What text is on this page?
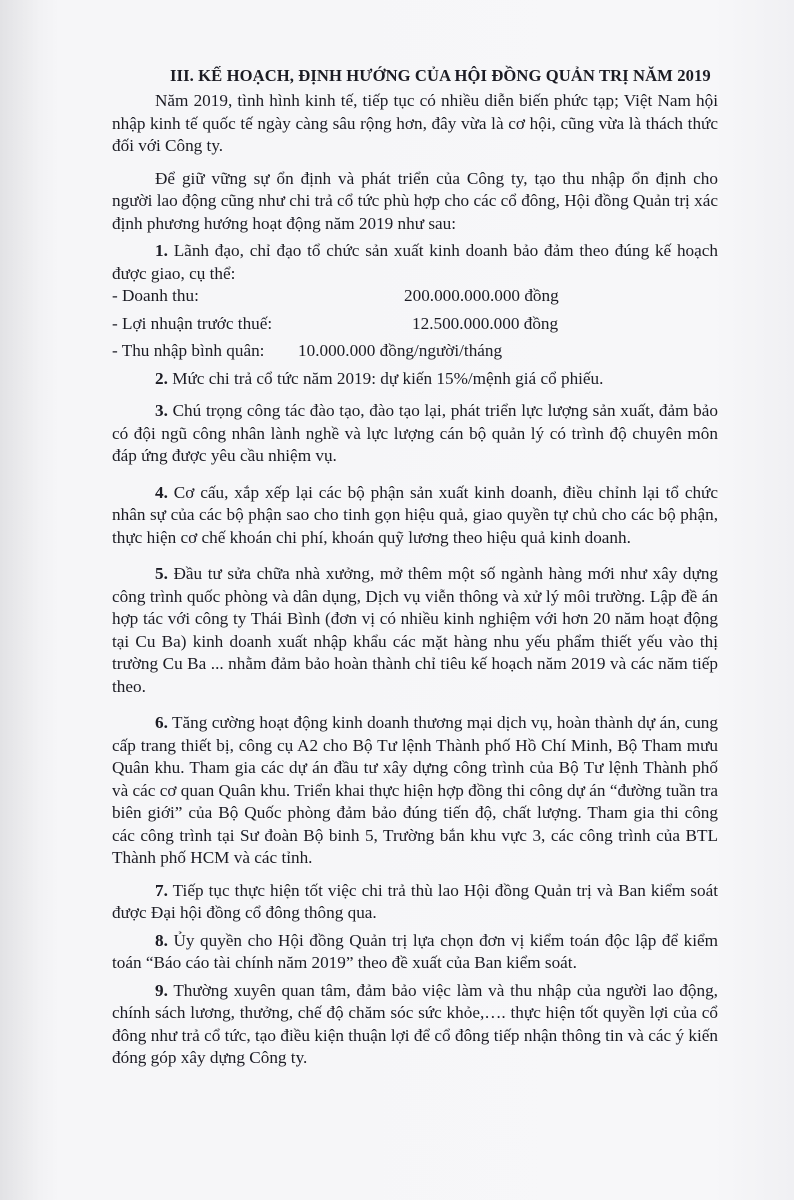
III. KẾ HOẠCH, ĐỊNH HƯỚNG CỦA HỘI ĐỒNG QUẢN TRỊ NĂM 2019

Năm 2019, tình hình kinh tế, tiếp tục có nhiều diễn biến phức tạp; Việt Nam hội nhập kinh tế quốc tế ngày càng sâu rộng hơn, đây vừa là cơ hội, cũng vừa là thách thức đối với Công ty.

Để giữ vững sự ổn định và phát triển của Công ty, tạo thu nhập ổn định cho người lao động cũng như chi trả cổ tức phù hợp cho các cổ đông, Hội đồng Quản trị xác định phương hướng hoạt động năm 2019 như sau:

1. Lãnh đạo, chỉ đạo tổ chức sản xuất kinh doanh bảo đảm theo đúng kế hoạch được giao, cụ thể:

- Doanh thu:	200.000.000.000 đồng
- Lợi nhuận trước thuế:	12.500.000.000 đồng
- Thu nhập bình quân:	10.000.000 đồng/người/tháng

2. Mức chi trả cổ tức năm 2019: dự kiến 15%/mệnh giá cổ phiếu.

3. Chú trọng công tác đào tạo, đào tạo lại, phát triển lực lượng sản xuất, đảm bảo có đội ngũ công nhân lành nghề và lực lượng cán bộ quản lý có trình độ chuyên môn đáp ứng được yêu cầu nhiệm vụ.

4. Cơ cấu, xắp xếp lại các bộ phận sản xuất kinh doanh, điều chỉnh lại tổ chức nhân sự của các bộ phận sao cho tinh gọn hiệu quả, giao quyền tự chủ cho các bộ phận, thực hiện cơ chế khoán chi phí, khoán quỹ lương theo hiệu quả kinh doanh.

5. Đầu tư sửa chữa nhà xưởng, mở thêm một số ngành hàng mới như xây dựng công trình quốc phòng và dân dụng, Dịch vụ viễn thông và xử lý môi trường. Lập đề án hợp tác với công ty Thái Bình (đơn vị có nhiều kinh nghiệm với hơn 20 năm hoạt động tại Cu Ba) kinh doanh xuất nhập khẩu các mặt hàng nhu yếu phẩm thiết yếu vào thị trường Cu Ba ... nhằm đảm bảo hoàn thành chỉ tiêu kế hoạch năm 2019 và các năm tiếp theo.

6. Tăng cường hoạt động kinh doanh thương mại dịch vụ, hoàn thành dự án, cung cấp trang thiết bị, công cụ A2 cho Bộ Tư lệnh Thành phố Hồ Chí Minh, Bộ Tham mưu Quân khu. Tham gia các dự án đầu tư xây dựng công trình của Bộ Tư lệnh Thành phố và các cơ quan Quân khu. Triển khai thực hiện hợp đồng thi công dự án “đường tuần tra biên giới” của Bộ Quốc phòng đảm bảo đúng tiến độ, chất lượng. Tham gia thi công các công trình tại Sư đoàn Bộ binh 5, Trường bắn khu vực 3, các công trình của BTL Thành phố HCM và các tỉnh.

7. Tiếp tục thực hiện tốt việc chi trả thù lao Hội đồng Quản trị và Ban kiểm soát được Đại hội đồng cổ đông thông qua.

8. Ủy quyền cho Hội đồng Quản trị lựa chọn đơn vị kiểm toán độc lập để kiểm toán “Báo cáo tài chính năm 2019” theo đề xuất của Ban kiểm soát.

9. Thường xuyên quan tâm, đảm bảo việc làm và thu nhập của người lao động, chính sách lương, thưởng, chế độ chăm sóc sức khỏe,…. thực hiện tốt quyền lợi của cổ đông như trả cổ tức, tạo điều kiện thuận lợi để cổ đông tiếp nhận thông tin và các ý kiến đóng góp xây dựng Công ty.
